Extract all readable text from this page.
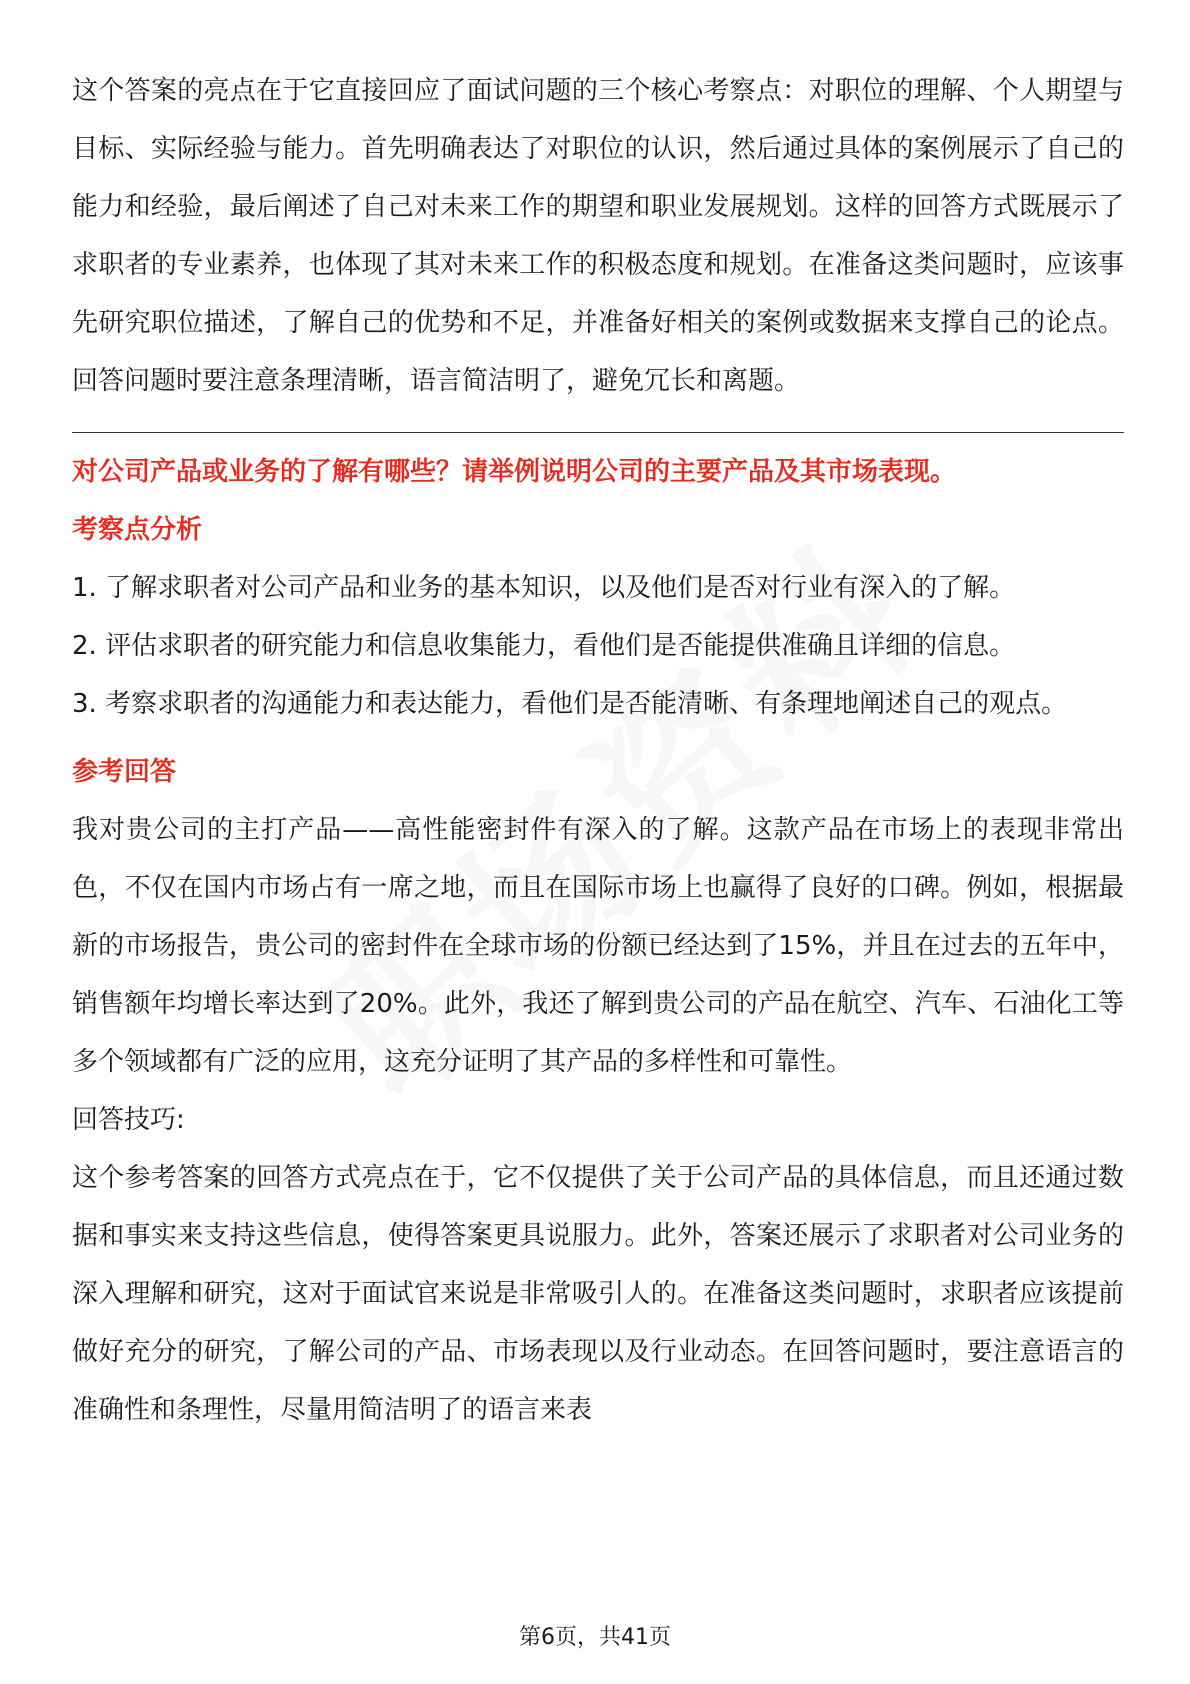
这个答案的亮点在于它直接回应了面试问题的三个核心考察点：对职位的理解、个人期望与目标、实际经验与能力。首先明确表达了对职位的认识，然后通过具体的案例展示了自己的能力和经验，最后阐述了自己对未来工作的期望和职业发展规划。这样的回答方式既展示了求职者的专业素养，也体现了其对未来工作的积极态度和规划。在准备这类问题时，应该事先研究职位描述，了解自己的优势和不足，并准备好相关的案例或数据来支撑自己的论点。回答问题时要注意条理清晰，语言简洁明了，避免冗长和离题。

对公司产品或业务的了解有哪些？请举例说明公司的主要产品及其市场表现。

考察点分析

1. 了解求职者对公司产品和业务的基本知识，以及他们是否对行业有深入的了解。

2. 评估求职者的研究能力和信息收集能力，看他们是否能提供准确且详细的信息。

3. 考察求职者的沟通能力和表达能力，看他们是否能清晰、有条理地阐述自己的观点。

参考回答

我对贵公司的主打产品——高性能密封件有深入的了解。这款产品在市场上的表现非常出色，不仅在国内市场占有一席之地，而且在国际市场上也赢得了良好的口碑。例如，根据最新的市场报告，贵公司的密封件在全球市场的份额已经达到了15%，并且在过去的五年中，销售额年均增长率达到了20%。此外，我还了解到贵公司的产品在航空、汽车、石油化工等多个领域都有广泛的应用，这充分证明了其产品的多样性和可靠性。

回答技巧:

这个参考答案的回答方式亮点在于，它不仅提供了关于公司产品的具体信息，而且还通过数据和事实来支持这些信息，使得答案更具说服力。此外，答案还展示了求职者对公司业务的深入理解和研究，这对于面试官来说是非常吸引人的。在准备这类问题时，求职者应该提前做好充分的研究，了解公司的产品、市场表现以及行业动态。在回答问题时，要注意语言的准确性和条理性，尽量用简洁明了的语言来表

第6页，共41页
